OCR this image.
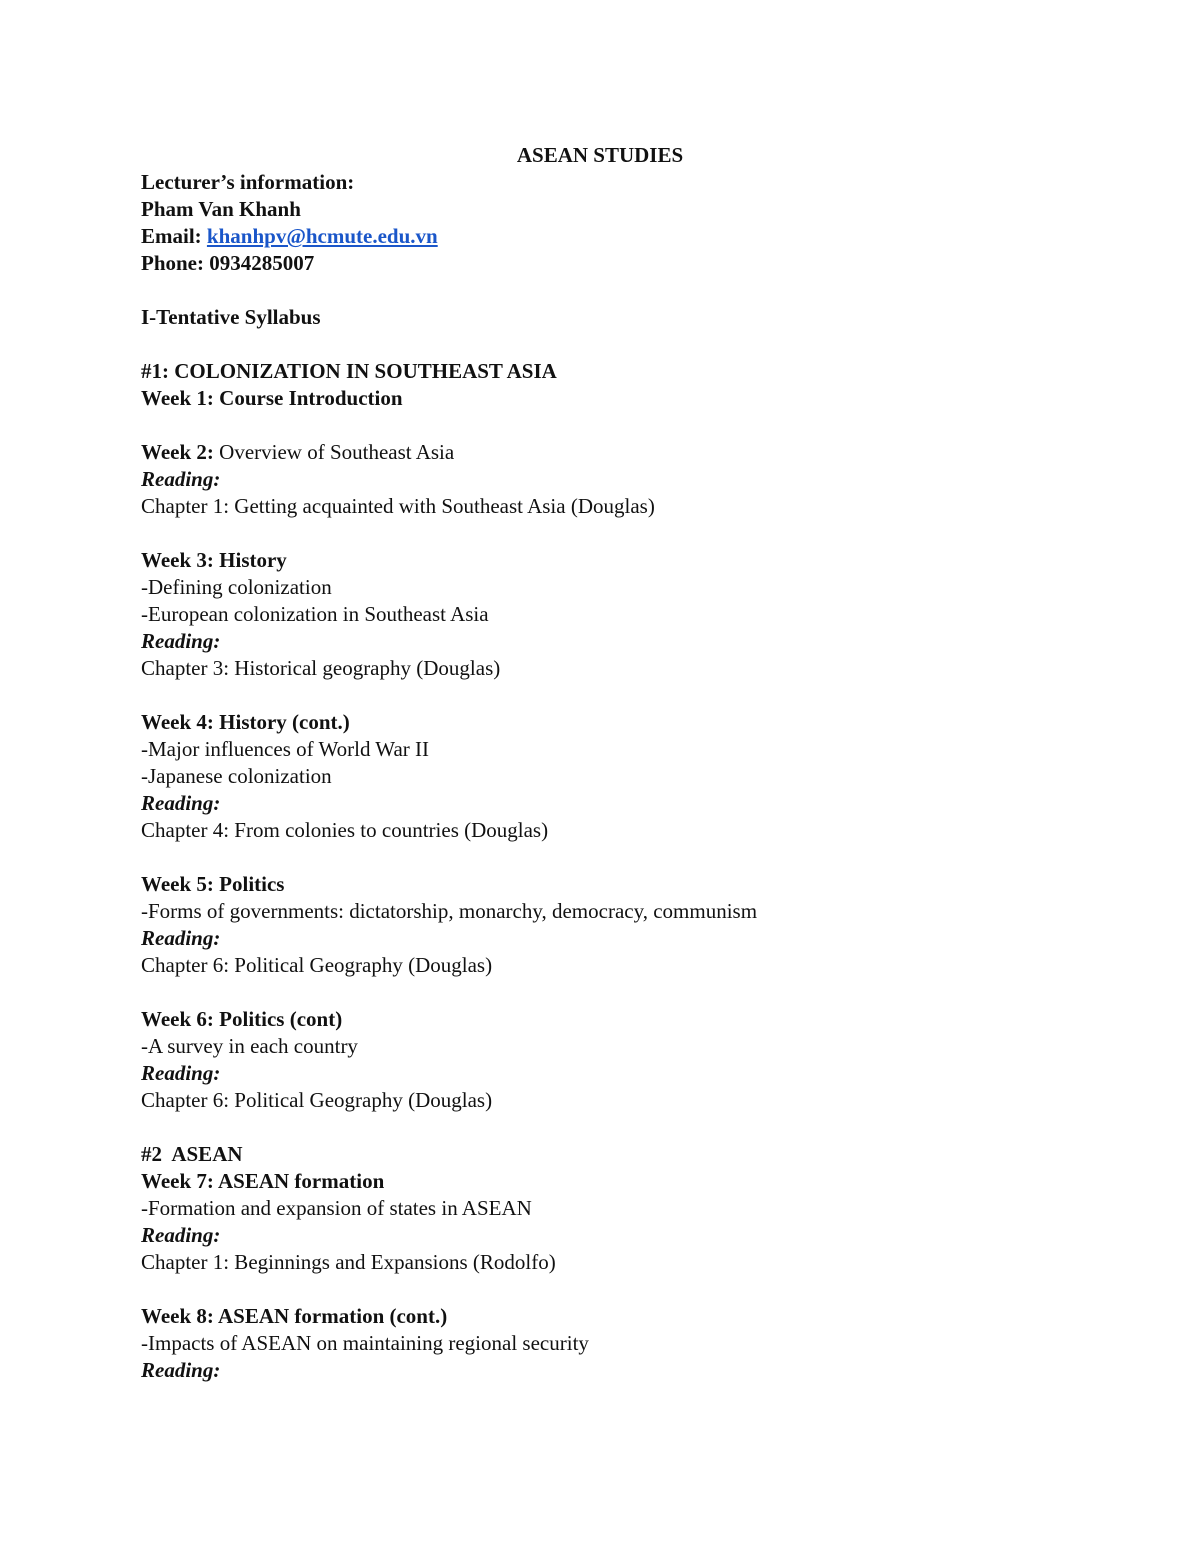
ASEAN STUDIES
Lecturer’s information:
Pham Van Khanh
Email: khanhpv@hcmute.edu.vn
Phone: 0934285007
I-Tentative Syllabus
#1: COLONIZATION IN SOUTHEAST ASIA
Week 1: Course Introduction
Week 2: Overview of Southeast Asia
Reading:
Chapter 1: Getting acquainted with Southeast Asia (Douglas)
Week 3: History
-Defining colonization
-European colonization in Southeast Asia
Reading:
Chapter 3: Historical geography (Douglas)
Week 4: History (cont.)
-Major influences of World War II
-Japanese colonization
Reading:
Chapter 4: From colonies to countries (Douglas)
Week 5: Politics
-Forms of governments: dictatorship, monarchy, democracy, communism
Reading:
Chapter 6: Political Geography (Douglas)
Week 6: Politics (cont)
-A survey in each country
Reading:
Chapter 6: Political Geography (Douglas)
#2  ASEAN
Week 7: ASEAN formation
-Formation and expansion of states in ASEAN
Reading:
Chapter 1: Beginnings and Expansions (Rodolfo)
Week 8: ASEAN formation (cont.)
-Impacts of ASEAN on maintaining regional security
Reading:
